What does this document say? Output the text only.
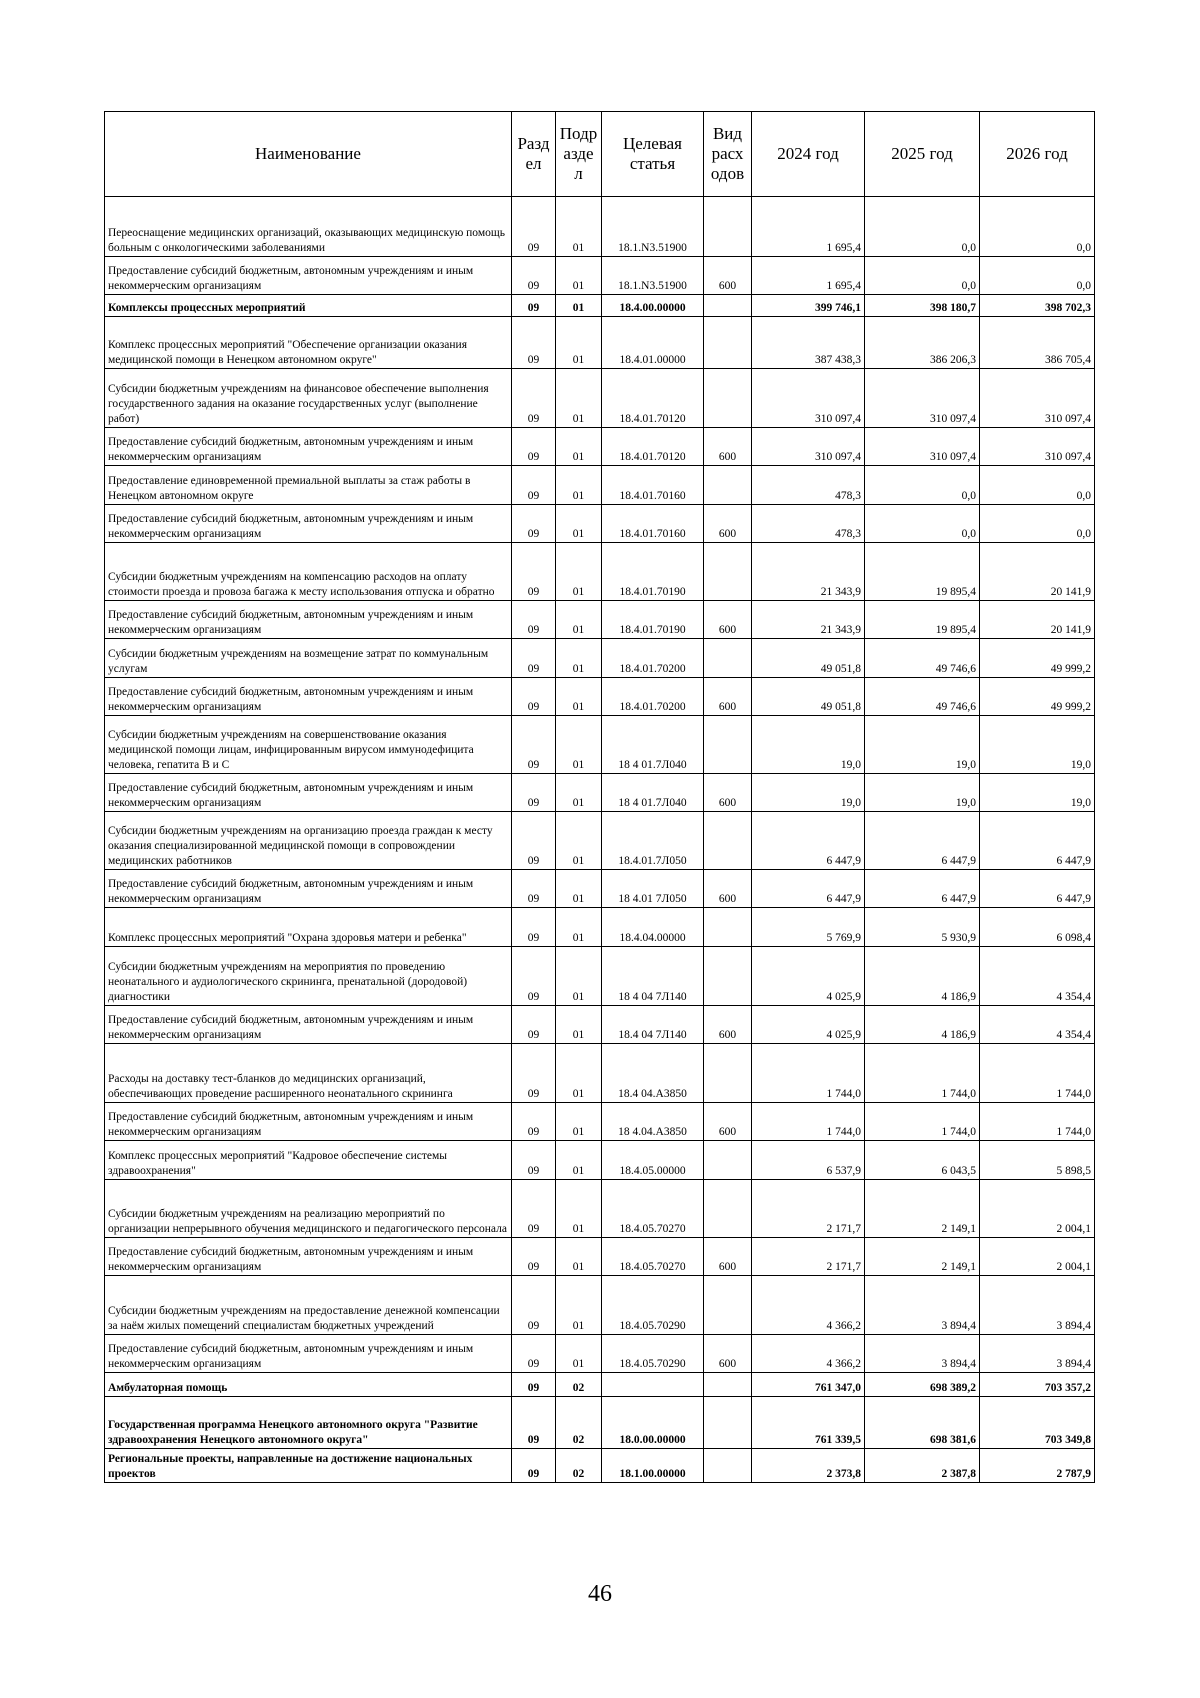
Наименование	Разд ел	Подр азде л	Целевая статья	Вид расх одов	2024 год	2025 год	2026 год
Переоснащение медицинских организаций, оказывающих медицинскую помощь больным с онкологическими заболеваниями	09	01	18.1.N3.51900		1 695,4	0,0	0,0
Предоставление субсидий бюджетным, автономным учреждениям и иным некоммерческим организациям	09	01	18.1.N3.51900	600	1 695,4	0,0	0,0
Комплексы процессных мероприятий	09	01	18.4.00.00000		399 746,1	398 180,7	398 702,3
Комплекс процессных мероприятий "Обеспечение организации оказания медицинской помощи в Ненецком автономном округе"	09	01	18.4.01.00000		387 438,3	386 206,3	386 705,4
Субсидии бюджетным учреждениям на финансовое обеспечение выполнения государственного задания на оказание государственных услуг (выполнение работ)	09	01	18.4.01.70120		310 097,4	310 097,4	310 097,4
Предоставление субсидий бюджетным, автономным учреждениям и иным некоммерческим организациям	09	01	18.4.01.70120	600	310 097,4	310 097,4	310 097,4
Предоставление единовременной премиальной выплаты за стаж работы в Ненецком автономном округе	09	01	18.4.01.70160		478,3	0,0	0,0
Предоставление субсидий бюджетным, автономным учреждениям и иным некоммерческим организациям	09	01	18.4.01.70160	600	478,3	0,0	0,0
Субсидии бюджетным учреждениям на компенсацию расходов на оплату стоимости проезда и провоза багажа к месту использования отпуска и обратно	09	01	18.4.01.70190		21 343,9	19 895,4	20 141,9
Предоставление субсидий бюджетным, автономным учреждениям и иным некоммерческим организациям	09	01	18.4.01.70190	600	21 343,9	19 895,4	20 141,9
Субсидии бюджетным учреждениям на возмещение затрат по коммунальным услугам	09	01	18.4.01.70200		49 051,8	49 746,6	49 999,2
Предоставление субсидий бюджетным, автономным учреждениям и иным некоммерческим организациям	09	01	18.4.01.70200	600	49 051,8	49 746,6	49 999,2
Субсидии бюджетным учреждениям на совершенствование оказания медицинской помощи лицам, инфицированным вирусом иммунодефицита человека, гепатита В и С	09	01	18 4 01.7Л040		19,0	19,0	19,0
Предоставление субсидий бюджетным, автономным учреждениям и иным некоммерческим организациям	09	01	18 4 01.7Л040	600	19,0	19,0	19,0
Субсидии бюджетным учреждениям на организацию проезда граждан к месту оказания специализированной медицинской помощи в сопровождении медицинских работников	09	01	18.4.01.7Л050		6 447,9	6 447,9	6 447,9
Предоставление субсидий бюджетным, автономным учреждениям и иным некоммерческим организациям	09	01	18 4.01 7Л050	600	6 447,9	6 447,9	6 447,9
Комплекс процессных мероприятий "Охрана здоровья матери и ребенка"	09	01	18.4.04.00000		5 769,9	5 930,9	6 098,4
Субсидии бюджетным учреждениям на мероприятия по проведению неонатального и аудиологического скрининга, пренатальной (дородовой) диагностики	09	01	18 4 04 7Л140		4 025,9	4 186,9	4 354,4
Предоставление субсидий бюджетным, автономным учреждениям и иным некоммерческим организациям	09	01	18.4 04 7Л140	600	4 025,9	4 186,9	4 354,4
Расходы на доставку тест-бланков до медицинских организаций, обеспечивающих проведение расширенного неонатального скрининга	09	01	18.4 04.А3850		1 744,0	1 744,0	1 744,0
Предоставление субсидий бюджетным, автономным учреждениям и иным некоммерческим организациям	09	01	18 4.04.А3850	600	1 744,0	1 744,0	1 744,0
Комплекс процессных мероприятий "Кадровое обеспечение системы здравоохранения"	09	01	18.4.05.00000		6 537,9	6 043,5	5 898,5
Субсидии бюджетным учреждениям на реализацию мероприятий по организации непрерывного обучения медицинского и педагогического персонала	09	01	18.4.05.70270		2 171,7	2 149,1	2 004,1
Предоставление субсидий бюджетным, автономным учреждениям и иным некоммерческим организациям	09	01	18.4.05.70270	600	2 171,7	2 149,1	2 004,1
Субсидии бюджетным учреждениям на предоставление денежной компенсации за наём жилых помещений специалистам бюджетных учреждений	09	01	18.4.05.70290		4 366,2	3 894,4	3 894,4
Предоставление субсидий бюджетным, автономным учреждениям и иным некоммерческим организациям	09	01	18.4.05.70290	600	4 366,2	3 894,4	3 894,4
Амбулаторная помощь	09	02			761 347,0	698 389,2	703 357,2
Государственная программа Ненецкого автономного округа "Развитие здравоохранения Ненецкого автономного округа"	09	02	18.0.00.00000		761 339,5	698 381,6	703 349,8
Региональные проекты, направленные на достижение национальных проектов	09	02	18.1.00.00000		2 373,8	2 387,8	2 787,9
46
